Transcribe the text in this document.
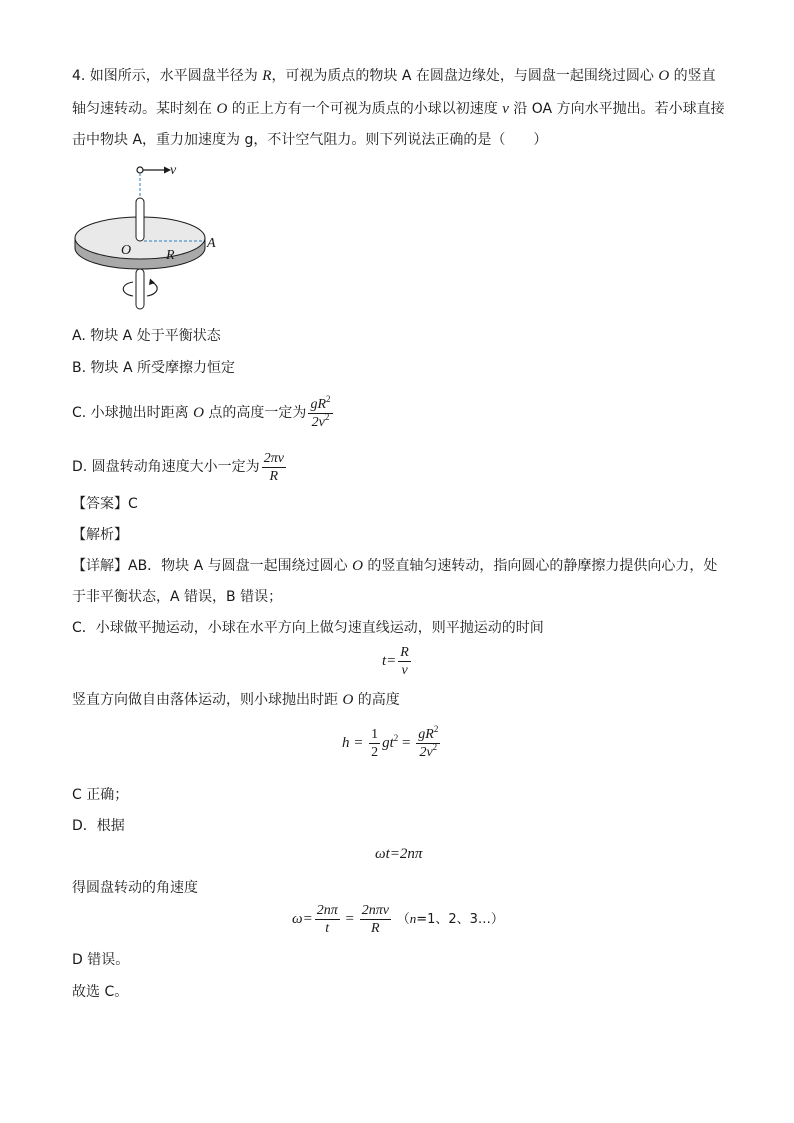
4. 如图所示，水平圆盘半径为 R，可视为质点的物块 A 在圆盘边缘处，与圆盘一起围绕过圆心 O 的竖直
轴匀速转动。某时刻在 O 的正上方有一个可视为质点的小球以初速度 v 沿 OA 方向水平抛出。若小球直接
击中物块 A，重力加速度为 g，不计空气阻力。则下列说法正确的是（　　）
v
O R
A
A. 物块 A 处于平衡状态
B. 物块 A 所受摩擦力恒定
C. 小球抛出时距离 O 点的高度一定为 $\frac{gR^2}{2v^2}$
D. 圆盘转动角速度大小一定为 $\frac{2\pi v}{R}$
【答案】C
【解析】
【详解】AB．物块 A 与圆盘一起围绕过圆心 O 的竖直轴匀速转动，指向圆心的静摩擦力提供向心力，处
于非平衡状态，A 错误，B 错误；
C．小球做平抛运动，小球在水平方向上做匀速直线运动，则平抛运动的时间
$t= \frac{R}{v}$
竖直方向做自由落体运动，则小球抛出时距 O 的高度
$h = \frac{1}{2} gt^2 = \frac{gR^2}{2v^2}$
C 正确；
D．根据
ωt=2nπ
得圆盘转动的角速度
$\omega= \frac{2n\pi}{t} = \frac{\text{2nπv}}{R} (n=1$、2、3…）
D 错误。
故选 C。
